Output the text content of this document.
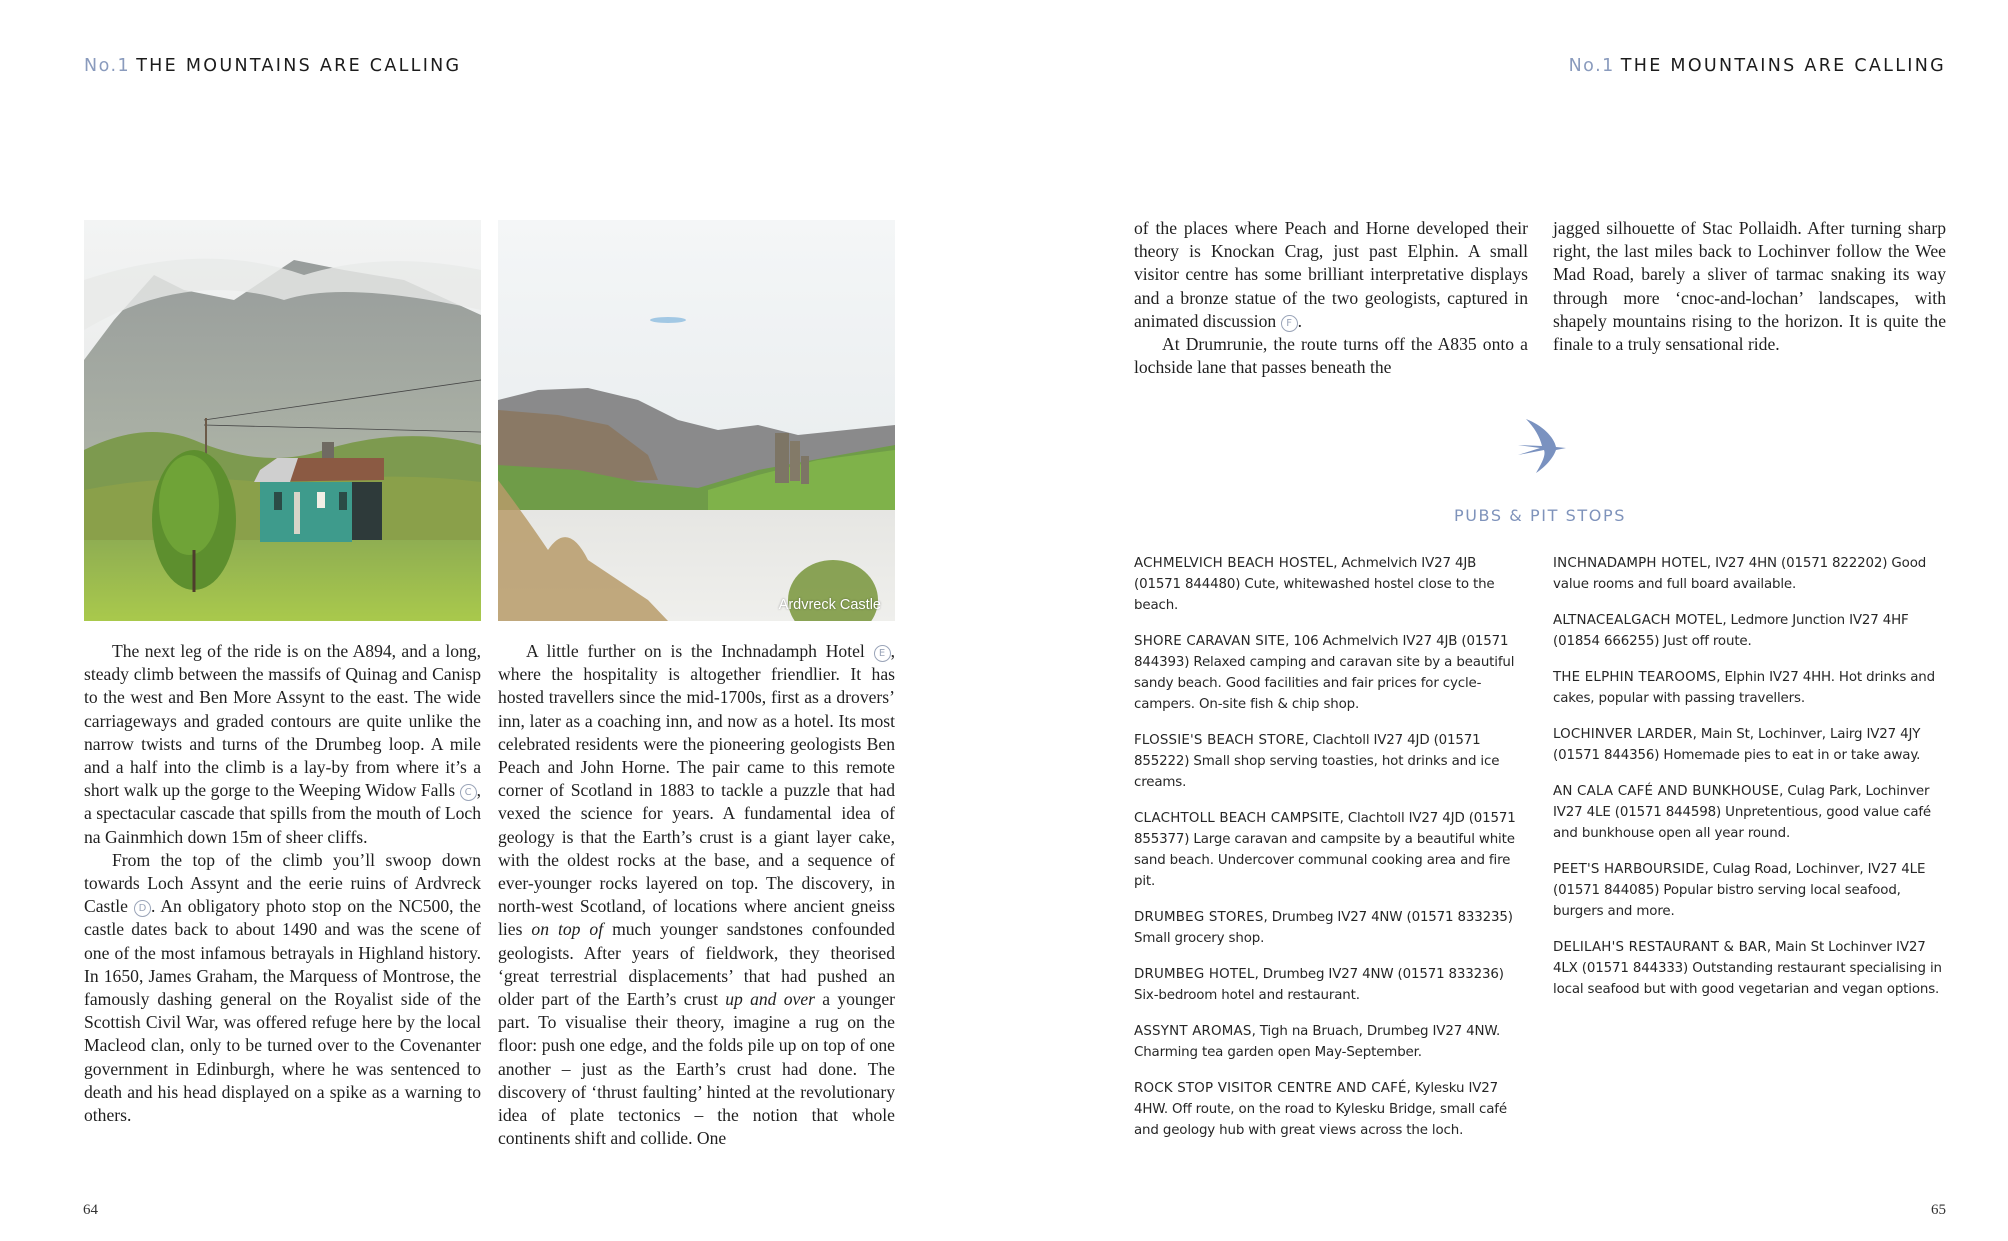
No.1 THE MOUNTAINS ARE CALLING
Ardvreck Castle

The next leg of the ride is on the A894, and a long, steady climb between the massifs of Quinag and Canisp to the west and Ben More Assynt to the east. The wide carriageways and graded contours are quite unlike the narrow twists and turns of the Drumbeg loop. A mile and a half into the climb is a lay-by from where it’s a short walk up the gorge to the Weeping Widow Falls C , a spectacular cascade that spills from the mouth of Loch na Gainmhich down 15m of sheer cliffs.

From the top of the climb you’ll swoop down towards Loch Assynt and the eerie ruins of Ardvreck Castle D . An obligatory photo stop on the NC500, the castle dates back to about 1490 and was the scene of one of the most infamous betrayals in Highland history. In 1650, James Graham, the Marquess of Montrose, the famously dashing general on the Royalist side of the Scottish Civil War, was offered refuge here by the local Macleod clan, only to be turned over to the Covenanter government in Edinburgh, where he was sentenced to death and his head displayed on a spike as a warning to others.

A little further on is the Inchnadamph Hotel E , where the hospitality is altogether friendlier. It has hosted travellers since the mid-1700s, first as a drovers’ inn, later as a coaching inn, and now as a hotel. Its most celebrated residents were the pioneering geologists Ben Peach and John Horne. The pair came to this remote corner of Scotland in 1883 to tackle a puzzle that had vexed the science for years. A fundamental idea of geology is that the Earth’s crust is a giant layer cake, with the oldest rocks at the base, and a sequence of ever-younger rocks layered on top. The discovery, in north-west Scotland, of locations where ancient gneiss lies on top of much younger sandstones confounded geologists. After years of fieldwork, they theorised ‘great terrestrial displacements’ that had pushed an older part of the Earth’s crust up and over a younger part. To visualise their theory, imagine a rug on the floor: push one edge, and the folds pile up on top of one another – just as the Earth’s crust had done. The discovery of ‘thrust faulting’ hinted at the revolutionary idea of plate tectonics – the notion that whole continents shift and collide. One

64
No.1 THE MOUNTAINS ARE CALLING

of the places where Peach and Horne developed their theory is Knockan Crag, just past Elphin. A small visitor centre has some brilliant interpretative displays and a bronze statue of the two geologists, captured in animated discussion F .

At Drumrunie, the route turns off the A835 onto a lochside lane that passes beneath the

jagged silhouette of Stac Pollaidh. After turning sharp right, the last miles back to Lochinver follow the Wee Mad Road, barely a sliver of tarmac snaking its way through more ‘cnoc-and-lochan’ landscapes, with shapely mountains rising to the horizon. It is quite the finale to a truly sensational ride.

PUBS & PIT STOPS

ACHMELVICH BEACH HOSTEL, Achmelvich IV27 4JB (01571 844480) Cute, whitewashed hostel close to the beach.

SHORE CARAVAN SITE, 106 Achmelvich IV27 4JB (01571 844393) Relaxed camping and caravan site by a beautiful sandy beach. Good facilities and fair prices for cycle-campers. On-site fish & chip shop.

FLOSSIE'S BEACH STORE, Clachtoll IV27 4JD (01571 855222) Small shop serving toasties, hot drinks and ice creams.

CLACHTOLL BEACH CAMPSITE, Clachtoll IV27 4JD (01571 855377) Large caravan and campsite by a beautiful white sand beach. Undercover communal cooking area and fire pit.

DRUMBEG STORES, Drumbeg IV27 4NW (01571 833235) Small grocery shop.

DRUMBEG HOTEL, Drumbeg IV27 4NW (01571 833236) Six-bedroom hotel and restaurant.

ASSYNT AROMAS, Tigh na Bruach, Drumbeg IV27 4NW. Charming tea garden open May-September.

ROCK STOP VISITOR CENTRE AND CAFÉ, Kylesku IV27 4HW. Off route, on the road to Kylesku Bridge, small café and geology hub with great views across the loch.

INCHNADAMPH HOTEL, IV27 4HN (01571 822202) Good value rooms and full board available.

ALTNACEALGACH MOTEL, Ledmore Junction IV27 4HF (01854 666255) Just off route.

THE ELPHIN TEAROOMS, Elphin IV27 4HH. Hot drinks and cakes, popular with passing travellers.

LOCHINVER LARDER, Main St, Lochinver, Lairg IV27 4JY (01571 844356) Homemade pies to eat in or take away.

AN CALA CAFÉ AND BUNKHOUSE, Culag Park, Lochinver IV27 4LE (01571 844598) Unpretentious, good value café and bunkhouse open all year round.

PEET'S HARBOURSIDE, Culag Road, Lochinver, IV27 4LE (01571 844085) Popular bistro serving local seafood, burgers and more.

DELILAH'S RESTAURANT & BAR, Main St Lochinver IV27 4LX (01571 844333) Outstanding restaurant specialising in local seafood but with good vegetarian and vegan options.

65
